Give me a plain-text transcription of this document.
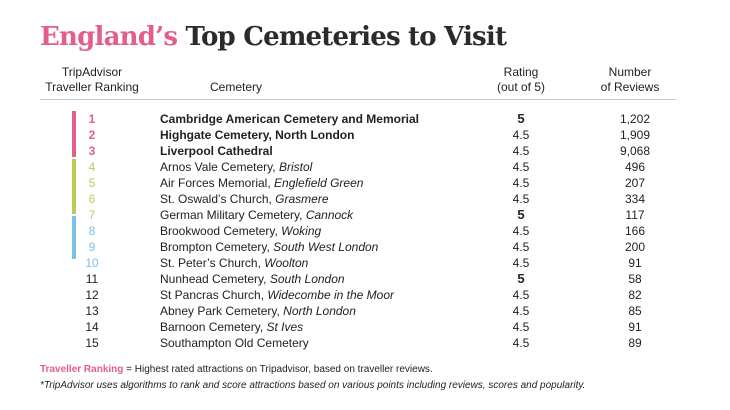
England’s Top Cemeteries to Visit
TripAdvisor
Traveller Ranking	Cemetery
Rating
(out of 5)
Number
of Reviews
1	Cambridge American Cemetery and Memorial	5	1,202
2	Highgate Cemetery, North London	4.5	1,909
3	Liverpool Cathedral	4.5	9,068
4	Arnos Vale Cemetery, Bristol	4.5	496
5	Air Forces Memorial, Englefield Green	4.5	207
6	St. Oswald’s Church, Grasmere	4.5	334
7	German Military Cemetery, Cannock	5	117
8	Brookwood Cemetery, Woking	4.5	166
9	Brompton Cemetery, South West London	4.5	200
10	St. Peter’s Church, Woolton	4.5	91
11	Nunhead Cemetery, South London	5	58
12	St Pancras Church, Widecombe in the Moor	4.5	82
13	Abney Park Cemetery, North London	4.5	85
14	Barnoon Cemetery, St Ives	4.5	91
15	Southampton Old Cemetery	4.5	89
Traveller Ranking = Highest rated attractions on Tripadvisor, based on traveller reviews.
*TripAdvisor uses algorithms to rank and score attractions based on various points including reviews, scores and popularity.
